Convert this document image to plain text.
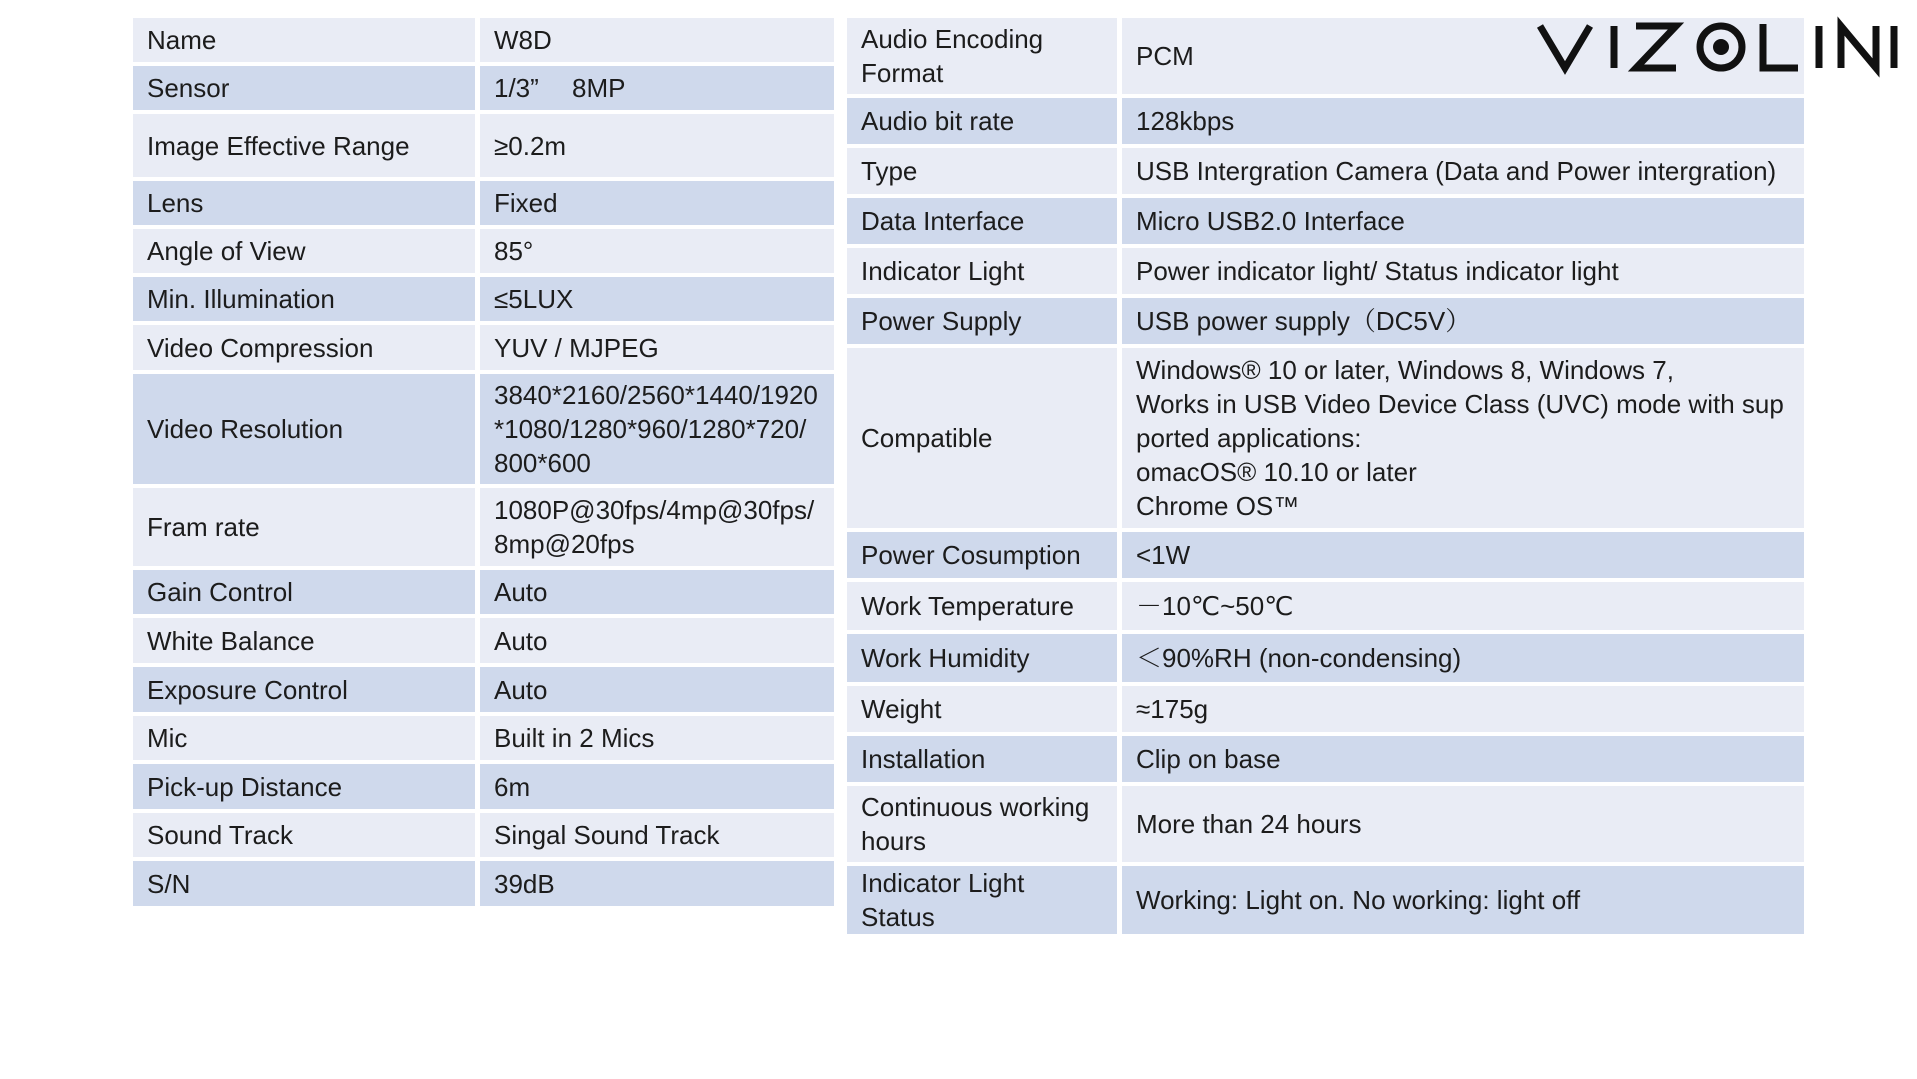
Name	W8D
Sensor	1/3”  8MP
Image Effective Range	≥0.2m
Lens	Fixed
Angle of View	85°
Min. Illumination	≤5LUX
Video Compression	YUV / MJPEG
Video Resolution	3840*2160/2560*1440/1920*1080/1280*960/1280*720/800*600
Fram rate	1080P@30fps/4mp@30fps/
8mp@20fps
Gain Control	Auto
White Balance	Auto
Exposure Control	Auto
Mic	Built in 2 Mics
Pick-up Distance	6m
Sound Track	Singal Sound Track
S/N	39dB
Audio Encoding Format	PCM
Audio bit rate	128kbps
Type	USB Intergration Camera (Data and Power intergration)
Data Interface	Micro USB2.0 Interface
Indicator Light	Power indicator light/ Status indicator light
Power Supply	USB power supply（DC5V）
Compatible	Windows® 10 or later, Windows 8, Windows 7,
Works in USB Video Device Class (UVC) mode with supported applications:
omacOS® 10.10 or later
Chrome OS™
Power Cosumption	<1W
Work Temperature	－10℃~50℃
Work Humidity	＜90%RH (non-condensing)
Weight	≈175g
Installation	Clip on base
Continuous working hours	More than 24 hours
Indicator Light Status	Working: Light on. No working: light off
